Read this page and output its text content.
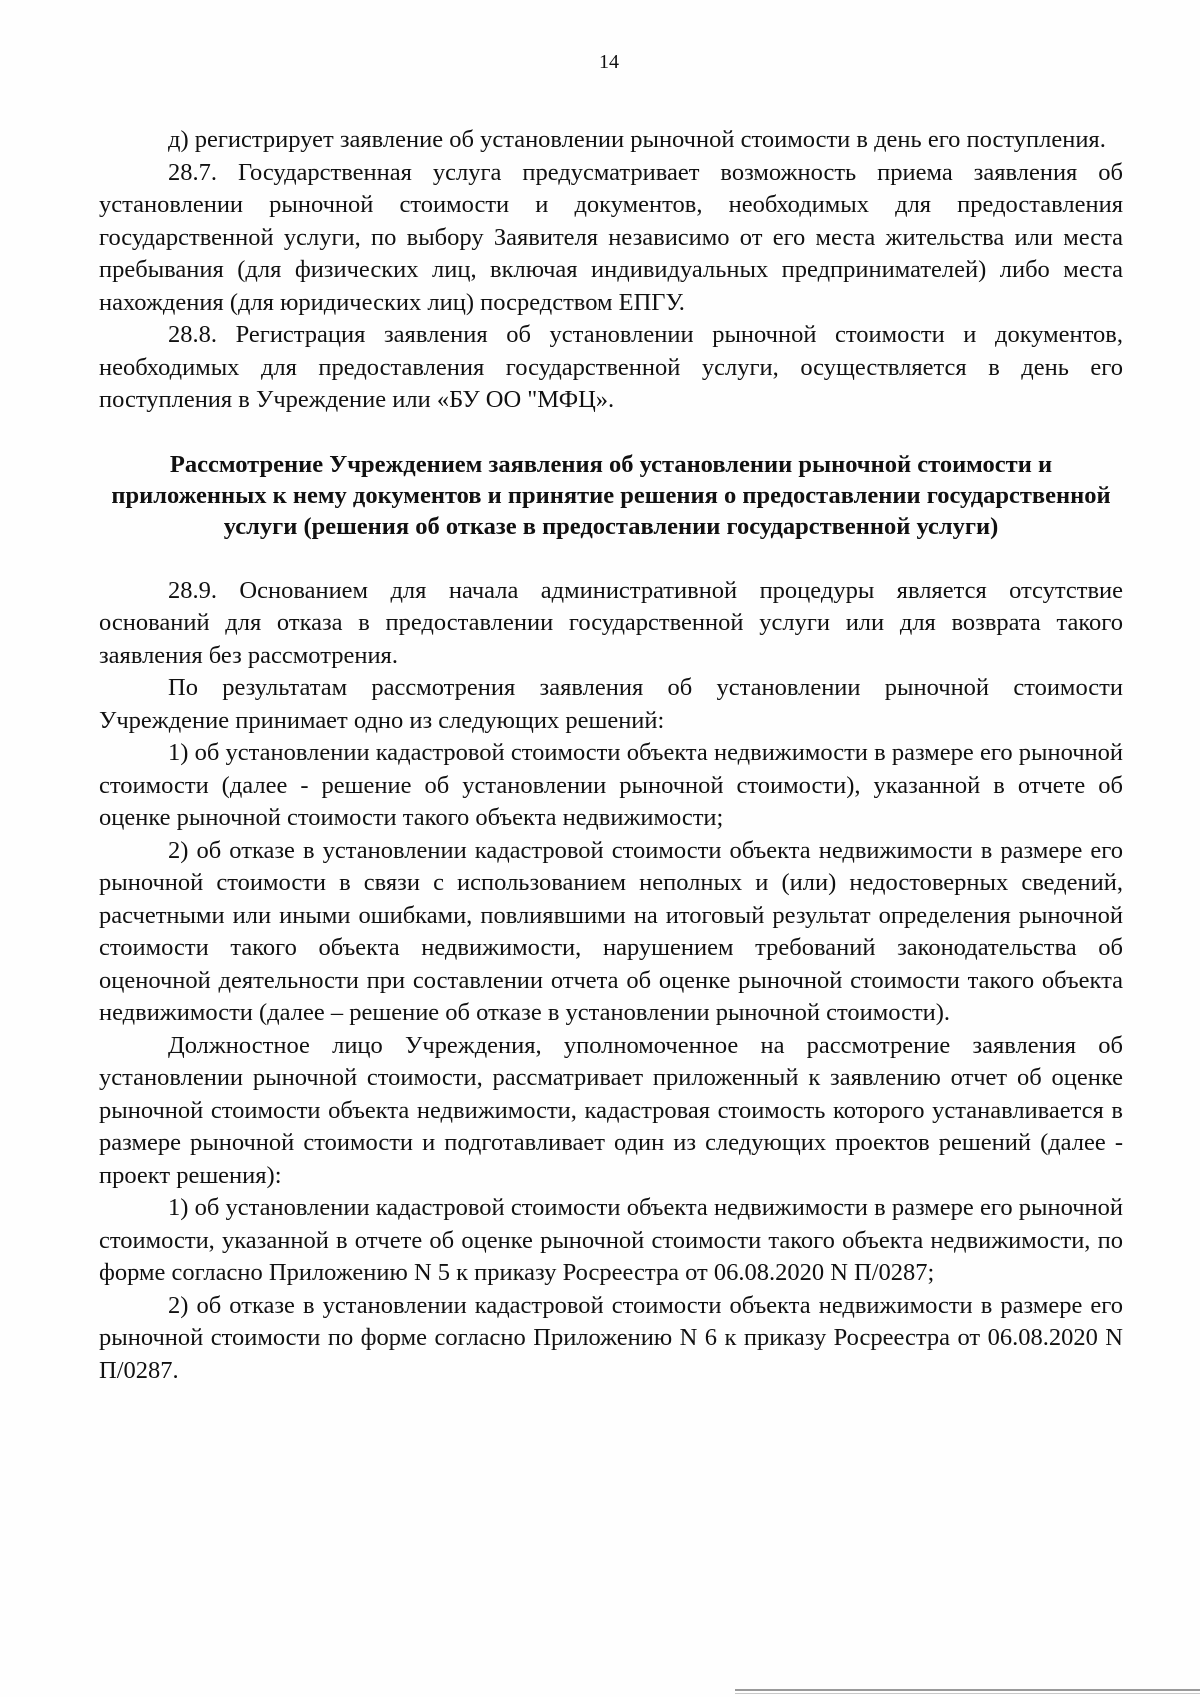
14

д) регистрирует заявление об установлении рыночной стоимости в день его поступления.

28.7. Государственная услуга предусматривает возможность приема заявления об установлении рыночной стоимости и документов, необходимых для предоставления государственной услуги, по выбору Заявителя независимо от его места жительства или места пребывания (для физических лиц, включая индивидуальных предпринимателей) либо места нахождения (для юридических лиц) посредством ЕПГУ.

28.8. Регистрация заявления об установлении рыночной стоимости и документов, необходимых для предоставления государственной услуги, осуществляется в день его поступления в Учреждение или «БУ ОО "МФЦ».

Рассмотрение Учреждением заявления об установлении рыночной стоимости и приложенных к нему документов и принятие решения о предоставлении государственной услуги (решения об отказе в предоставлении государственной услуги)

28.9. Основанием для начала административной процедуры является отсутствие оснований для отказа в предоставлении государственной услуги или для возврата такого заявления без рассмотрения.

По результатам рассмотрения заявления об установлении рыночной стоимости Учреждение принимает одно из следующих решений:

1) об установлении кадастровой стоимости объекта недвижимости в размере его рыночной стоимости (далее - решение об установлении рыночной стоимости), указанной в отчете об оценке рыночной стоимости такого объекта недвижимости;

2) об отказе в установлении кадастровой стоимости объекта недвижимости в размере его рыночной стоимости в связи с использованием неполных и (или) недостоверных сведений, расчетными или иными ошибками, повлиявшими на итоговый результат определения рыночной стоимости такого объекта недвижимости, нарушением требований законодательства об оценочной деятельности при составлении отчета об оценке рыночной стоимости такого объекта недвижимости (далее – решение об отказе в установлении рыночной стоимости).

Должностное лицо Учреждения, уполномоченное на рассмотрение заявления об установлении рыночной стоимости, рассматривает приложенный к заявлению отчет об оценке рыночной стоимости объекта недвижимости, кадастровая стоимость которого устанавливается в размере рыночной стоимости и подготавливает один из следующих проектов решений (далее - проект решения):

1) об установлении кадастровой стоимости объекта недвижимости в размере его рыночной стоимости, указанной в отчете об оценке рыночной стоимости такого объекта недвижимости, по форме согласно Приложению N 5 к приказу Росреестра от 06.08.2020 N П/0287;

2) об отказе в установлении кадастровой стоимости объекта недвижимости в размере его рыночной стоимости по форме согласно Приложению N 6 к приказу Росреестра от 06.08.2020 N П/0287.
